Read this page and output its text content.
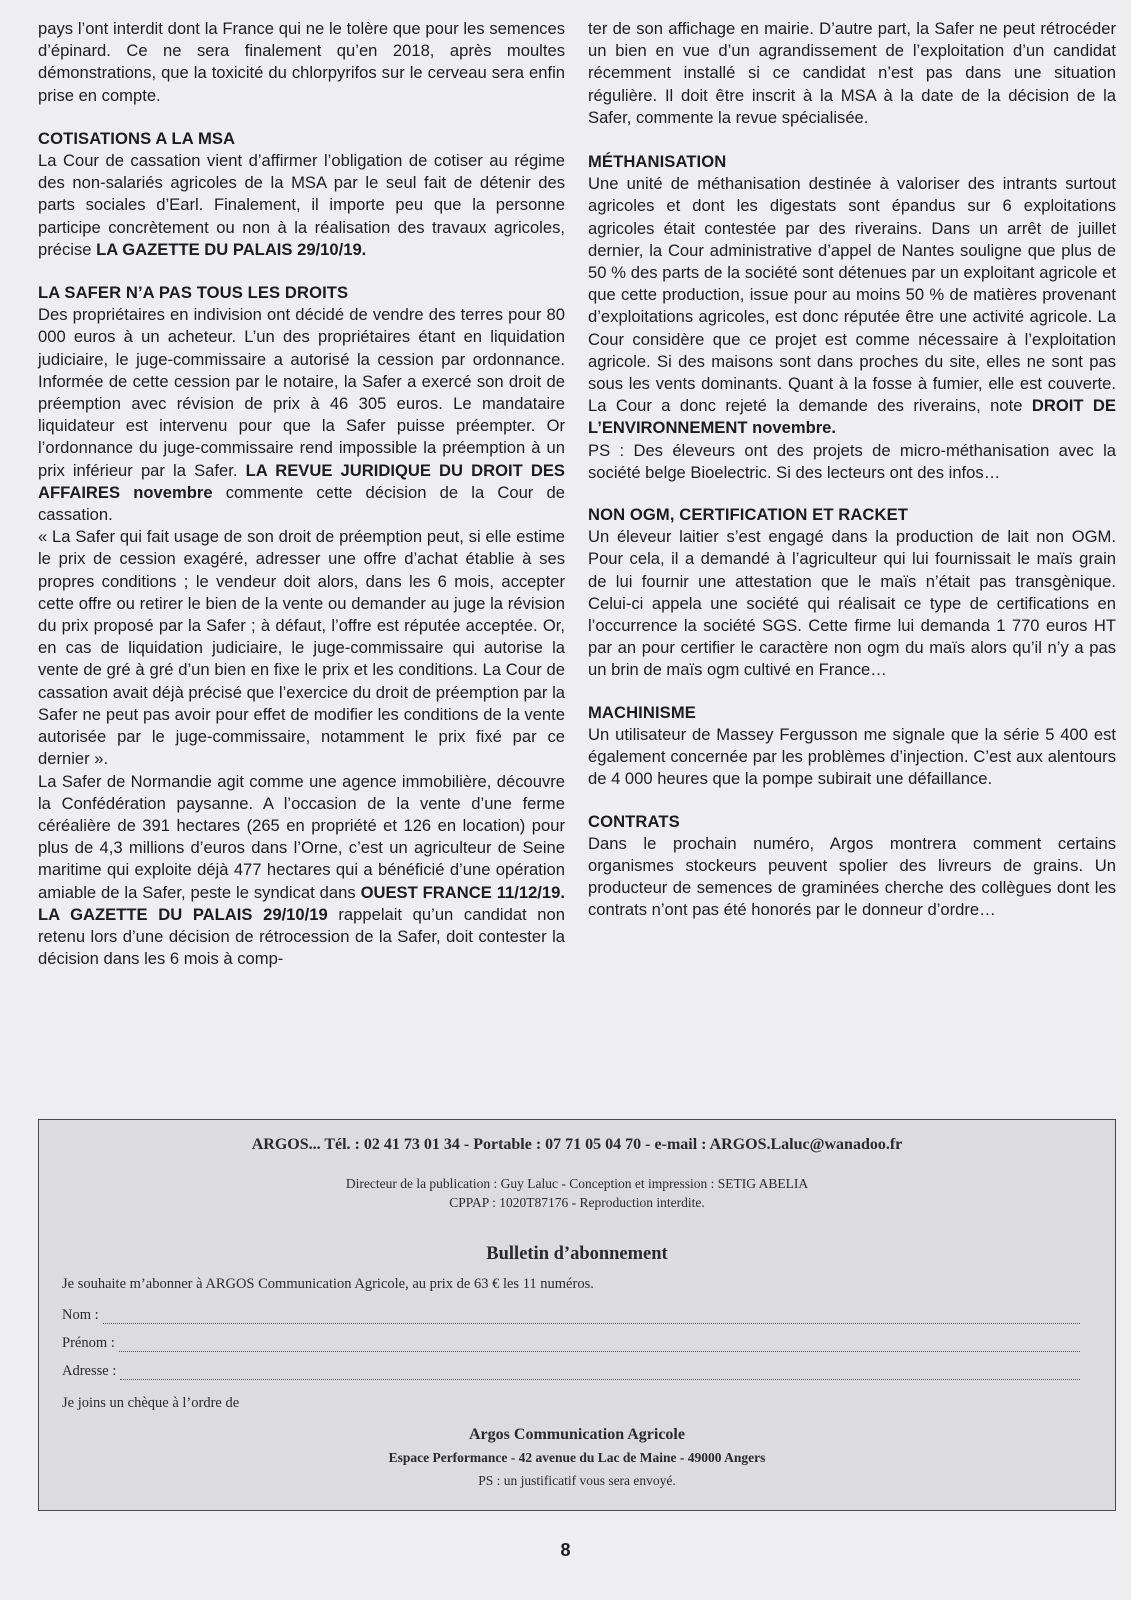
pays l’ont interdit dont la France qui ne le tolère que pour les semences d’épinard. Ce ne sera finalement qu’en 2018, après moultes démonstrations, que la toxicité du chlorpyrifos sur le cerveau sera enfin prise en compte.

COTISATIONS A LA MSA

La Cour de cassation vient d’affirmer l’obligation de cotiser au régime des non-salariés agricoles de la MSA par le seul fait de détenir des parts sociales d’Earl. Finalement, il importe peu que la personne participe concrètement ou non à la réalisation des travaux agricoles, précise LA GAZETTE DU PALAIS 29/10/19.

LA SAFER N’A PAS TOUS LES DROITS

Des propriétaires en indivision ont décidé de vendre des terres pour 80 000 euros à un acheteur. L’un des propriétaires étant en liquidation judiciaire, le juge-commissaire a autorisé la cession par ordonnance. Informée de cette cession par le notaire, la Safer a exercé son droit de préemption avec révision de prix à 46 305 euros. Le mandataire liquidateur est intervenu pour que la Safer puisse préempter. Or l’ordonnance du juge-commissaire rend impossible la préemption à un prix inférieur par la Safer. LA REVUE JURIDIQUE DU DROIT DES AFFAIRES novembre commente cette décision de la Cour de cassation.

« La Safer qui fait usage de son droit de préemption peut, si elle estime le prix de cession exagéré, adresser une offre d’achat établie à ses propres conditions ; le vendeur doit alors, dans les 6 mois, accepter cette offre ou retirer le bien de la vente ou demander au juge la révision du prix proposé par la Safer ; à défaut, l’offre est réputée acceptée. Or, en cas de liquidation judiciaire, le juge-commissaire qui autorise la vente de gré à gré d’un bien en fixe le prix et les conditions. La Cour de cassation avait déjà précisé que l’exercice du droit de préemption par la Safer ne peut pas avoir pour effet de modifier les conditions de la vente autorisée par le juge-commissaire, notamment le prix fixé par ce dernier ».

La Safer de Normandie agit comme une agence immobilière, découvre la Confédération paysanne. A l’occasion de la vente d’une ferme céréalière de 391 hectares (265 en propriété et 126 en location) pour plus de 4,3 millions d’euros dans l’Orne, c’est un agriculteur de Seine maritime qui exploite déjà 477 hectares qui a bénéficié d’une opération amiable de la Safer, peste le syndicat dans OUEST FRANCE 11/12/19. LA GAZETTE DU PALAIS 29/10/19 rappelait qu’un candidat non retenu lors d’une décision de rétrocession de la Safer, doit contester la décision dans les 6 mois à comp-

ter de son affichage en mairie. D’autre part, la Safer ne peut rétrocéder un bien en vue d’un agrandissement de l’exploitation d’un candidat récemment installé si ce candidat n’est pas dans une situation régulière. Il doit être inscrit à la MSA à la date de la décision de la Safer, commente la revue spécialisée.

MÉTHANISATION

Une unité de méthanisation destinée à valoriser des intrants surtout agricoles et dont les digestats sont épandus sur 6 exploitations agricoles était contestée par des riverains. Dans un arrêt de juillet dernier, la Cour administrative d’appel de Nantes souligne que plus de 50 % des parts de la société sont détenues par un exploitant agricole et que cette production, issue pour au moins 50 % de matières provenant d’exploitations agricoles, est donc réputée être une activité agricole. La Cour considère que ce projet est comme nécessaire à l’exploitation agricole. Si des maisons sont dans proches du site, elles ne sont pas sous les vents dominants. Quant à la fosse à fumier, elle est couverte. La Cour a donc rejeté la demande des riverains, note DROIT DE L’ENVIRONNEMENT novembre.

PS : Des éleveurs ont des projets de micro-méthanisation avec la société belge Bioelectric. Si des lecteurs ont des infos…

NON OGM, CERTIFICATION ET RACKET

Un éleveur laitier s’est engagé dans la production de lait non OGM. Pour cela, il a demandé à l’agriculteur qui lui fournissait le maïs grain de lui fournir une attestation que le maïs n’était pas transgènique. Celui-ci appela une société qui réalisait ce type de certifications en l’occurrence la société SGS. Cette firme lui demanda 1 770 euros HT par an pour certifier le caractère non ogm du maïs alors qu’il n’y a pas un brin de maïs ogm cultivé en France…

MACHINISME

Un utilisateur de Massey Fergusson me signale que la série 5 400 est également concernée par les problèmes d’injection. C’est aux alentours de 4 000 heures que la pompe subirait une défaillance.

CONTRATS

Dans le prochain numéro, Argos montrera comment certains organismes stockeurs peuvent spolier des livreurs de grains. Un producteur de semences de graminées cherche des collègues dont les contrats n’ont pas été honorés par le donneur d’ordre…

ARGOS... Tél. : 02 41 73 01 34 - Portable : 07 71 05 04 70 - e-mail : ARGOS.Laluc@wanadoo.fr
Directeur de la publication : Guy Laluc - Conception et impression : SETIG ABELIA
CPPAP : 1020T87176 - Reproduction interdite.
Bulletin d’abonnement
Je souhaite m’abonner à ARGOS Communication Agricole, au prix de 63 € les 11 numéros.
Nom :
Prénom :
Adresse :
Je joins un chèque à l’ordre de
Argos Communication Agricole
Espace Performance - 42 avenue du Lac de Maine - 49000 Angers
PS : un justificatif vous sera envoyé.
8
